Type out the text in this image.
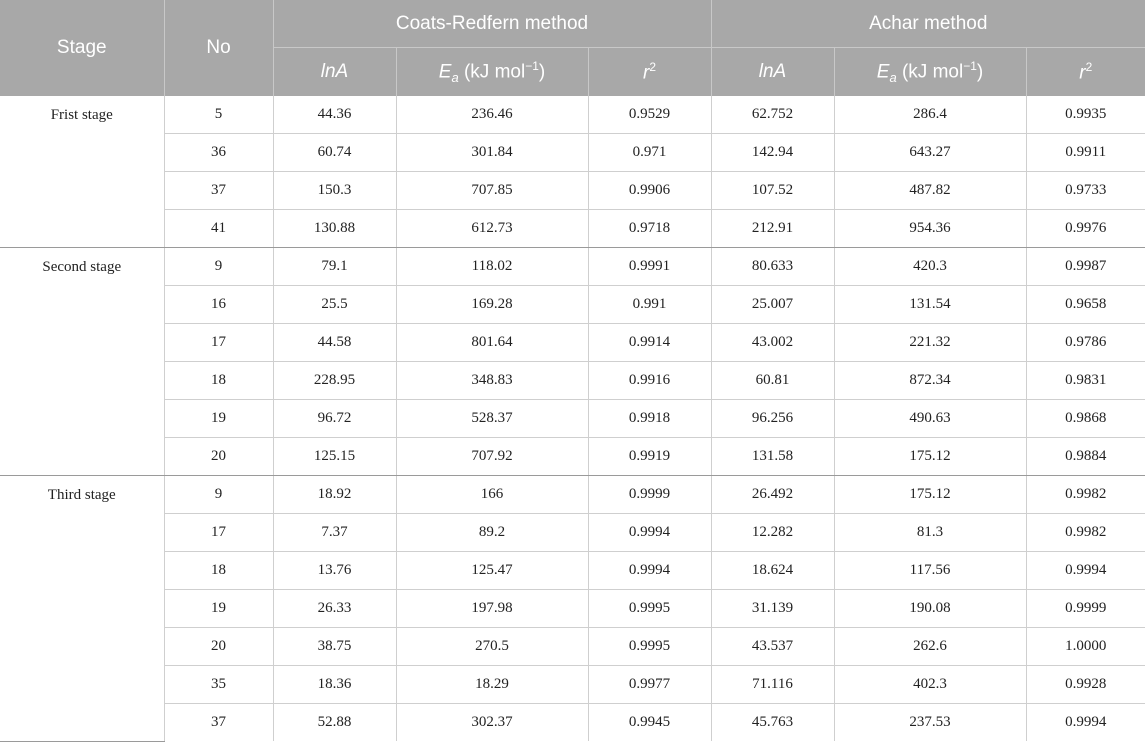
Stage	No	Coats-Redfern method			Achar method		
		lnA	$E_a$ (kJ mol$^{-1}$)	$r^2$	lnA	$E_a$ (kJ mol$^{-1}$)	$r^2$
Frist stage	5	44.36	236.46	0.9529	62.752	286.4	0.9935
	36	60.74	301.84	0.971	142.94	643.27	0.9911
	37	150.3	707.85	0.9906	107.52	487.82	0.9733
	41	130.88	612.73	0.9718	212.91	954.36	0.9976
Second stage	9	79.1	118.02	0.9991	80.633	420.3	0.9987
	16	25.5	169.28	0.991	25.007	131.54	0.9658
	17	44.58	801.64	0.9914	43.002	221.32	0.9786
	18	228.95	348.83	0.9916	60.81	872.34	0.9831
	19	96.72	528.37	0.9918	96.256	490.63	0.9868
	20	125.15	707.92	0.9919	131.58	175.12	0.9884
Third stage	9	18.92	166	0.9999	26.492	175.12	0.9982
	17	7.37	89.2	0.9994	12.282	81.3	0.9982
	18	13.76	125.47	0.9994	18.624	117.56	0.9994
	19	26.33	197.98	0.9995	31.139	190.08	0.9999
	20	38.75	270.5	0.9995	43.537	262.6	1.0000
	35	18.36	18.29	0.9977	71.116	402.3	0.9928
	37	52.88	302.37	0.9945	45.763	237.53	0.9994
